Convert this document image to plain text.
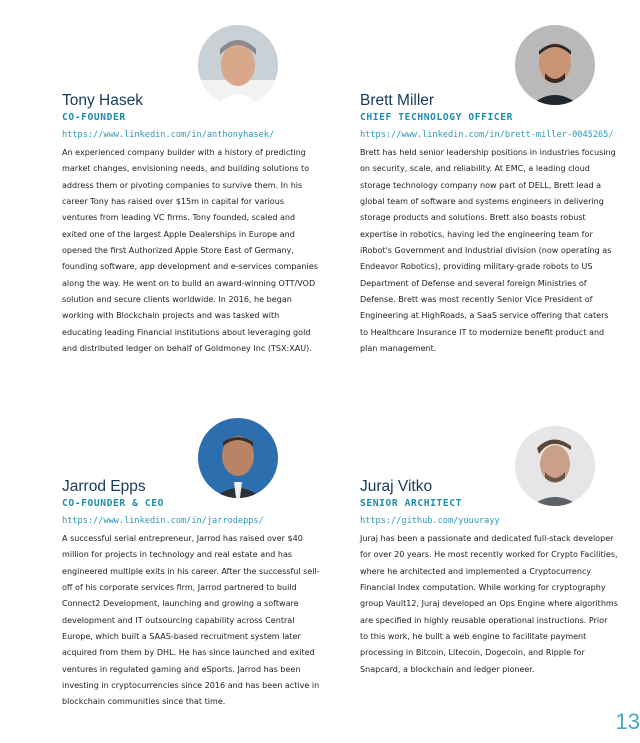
Tony Hasek
CO-FOUNDER
https://www.linkedin.com/in/anthonyhasek/
An experienced company builder with a history of predicting market changes, envisioning needs, and building solutions to address them or pivoting companies to survive them. In his career Tony has raised over $15m in capital for various ventures from leading VC firms. Tony founded, scaled and exited one of the largest Apple Dealerships in Europe and opened the first Authorized Apple Store East of Germany, founding software, app development and e-services companies along the way. He went on to build an award-winning OTT/VOD solution and secure clients worldwide. In 2016, he began working with Blockchain projects and was tasked with educating leading Financial institutions about leveraging gold and distributed ledger on behalf of Goldmoney Inc (TSX:XAU).
Brett Miller
CHIEF TECHNOLOGY OFFICER
https://www.linkedin.com/in/brett-miller-0045265/
Brett has held senior leadership positions in industries focusing on security, scale, and reliability. At EMC, a leading cloud storage technology company now part of DELL, Brett lead a global team of software and systems engineers in delivering storage products and solutions. Brett also boasts robust expertise in robotics, having led the engineering team for iRobot's Government and Industrial division (now operating as Endeavor Robotics), providing military-grade robots to US Department of Defense and several foreign Ministries of Defense. Brett was most recently Senior Vice President of Engineering at HighRoads, a SaaS service offering that caters to Healthcare Insurance IT to modernize benefit product and plan management.
Jarrod Epps
CO-FOUNDER & CEO
https://www.linkedin.com/in/jarrodepps/
A successful serial entrepreneur, Jarrod has raised over $40 million for projects in technology and real estate and has engineered multiple exits in his career. After the successful sell-off of his corporate services firm, Jarrod partnered to build Connect2 Development, launching and growing a software development and IT outsourcing capability across Central Europe, which built a SAAS-based recruitment system later acquired from them by DHL. He has since launched and exited ventures in regulated gaming and eSports. Jarrod has been investing in cryptocurrencies since 2016 and has been active in blockchain communities since that time.
Juraj Vitko
SENIOR ARCHITECT
https://github.com/youurayy
Juraj has been a passionate and dedicated full-stack developer for over 20 years. He most recently worked for Crypto Facilities, where he architected and implemented a Cryptocurrency Financial Index computation. While working for cryptography group Vault12, Juraj developed an Ops Engine where algorithms are specified in highly reusable operational instructions. Prior to this work, he built a web engine to facilitate payment processing in Bitcoin, Litecoin, Dogecoin, and Ripple for Snapcard, a blockchain and ledger pioneer.
13
